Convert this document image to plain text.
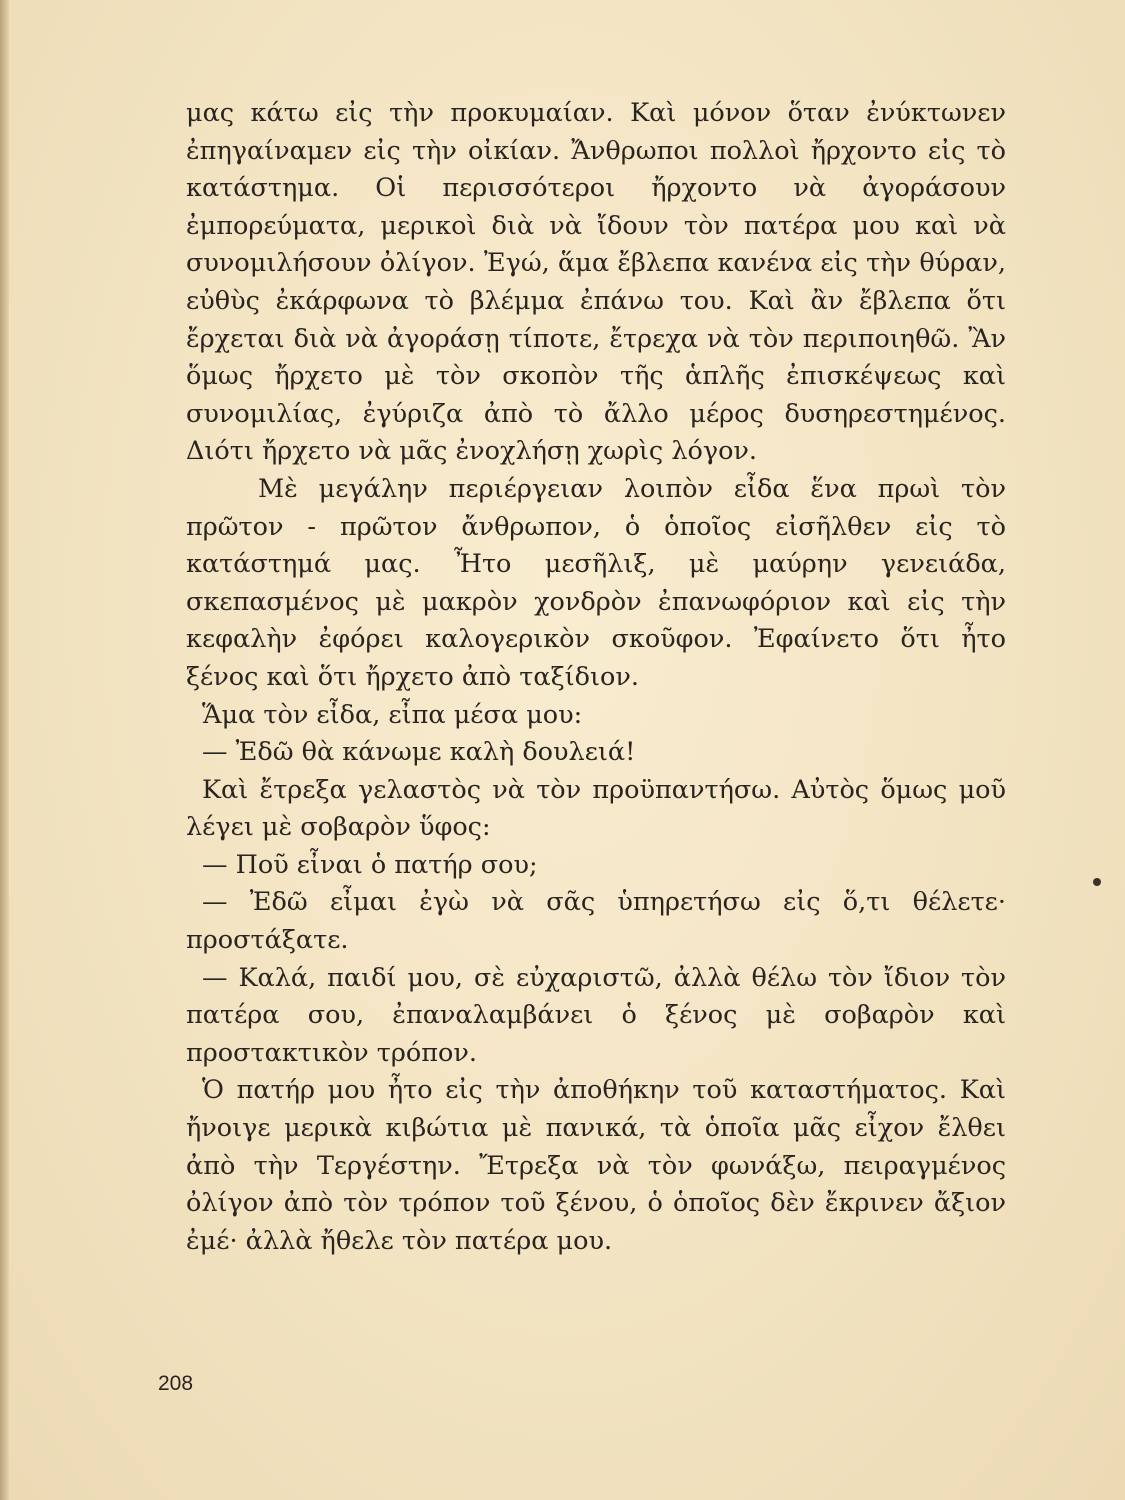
μας κάτω εἰς τὴν προκυμαίαν. Καὶ μόνον ὅταν ἐνύκτωνεν ἐπηγαίναμεν εἰς τὴν οἰκίαν. Ἄνθρωποι πολλοὶ ἤρχοντο εἰς τὸ κατάστημα. Οἱ περισσότεροι ἤρχοντο νὰ ἀγοράσουν ἐμπορεύματα, μερικοὶ διὰ νὰ ἴδουν τὸν πατέρα μου καὶ νὰ συνομιλήσουν ὀλίγον. Ἐγώ, ἅμα ἔβλεπα κανένα εἰς τὴν θύραν, εὐθὺς ἐκάρφωνα τὸ βλέμμα ἐπάνω του. Καὶ ἂν ἔβλεπα ὅτι ἔρχεται διὰ νὰ ἀγοράσῃ τίποτε, ἔτρεχα νὰ τὸν περιποιηθῶ. Ἂν ὅμως ἤρχετο μὲ τὸν σκοπὸν τῆς ἁπλῆς ἐπισκέψεως καὶ συνομιλίας, ἐγύριζα ἀπὸ τὸ ἄλλο μέρος δυσηρεστημένος. Διότι ἤρχετο νὰ μᾶς ἐνοχλήσῃ χωρὶς λόγον.

Μὲ μεγάλην περιέργειαν λοιπὸν εἶδα ἕνα πρωὶ τὸν πρῶτον - πρῶτον ἄνθρωπον, ὁ ὁποῖος εἰσῆλθεν εἰς τὸ κατάστημά μας. Ἦτο μεσῆλιξ, μὲ μαύρην γενειάδα, σκεπασμένος μὲ μακρὸν χονδρὸν ἐπανωφόριον καὶ εἰς τὴν κεφαλὴν ἐφόρει καλογερικὸν σκοῦφον. Ἐφαίνετο ὅτι ἦτο ξένος καὶ ὅτι ἤρχετο ἀπὸ ταξίδιον.

Ἅμα τὸν εἶδα, εἶπα μέσα μου:

— Ἐδῶ θὰ κάνωμε καλὴ δουλειά!

Καὶ ἔτρεξα γελαστὸς νὰ τὸν προϋπαντήσω. Αὐτὸς ὅμως μοῦ λέγει μὲ σοβαρὸν ὕφος:

— Ποῦ εἶναι ὁ πατήρ σου;

— Ἐδῶ εἶμαι ἐγὼ νὰ σᾶς ὑπηρετήσω εἰς ὅ,τι θέλετε· προστάξατε.

— Καλά, παιδί μου, σὲ εὐχαριστῶ, ἀλλὰ θέλω τὸν ἴδιον τὸν πατέρα σου, ἐπαναλαμβάνει ὁ ξένος μὲ σοβαρὸν καὶ προστακτικὸν τρόπον.

Ὁ πατήρ μου ἦτο εἰς τὴν ἀποθήκην τοῦ καταστήματος. Καὶ ἤνοιγε μερικὰ κιβώτια μὲ πανικά, τὰ ὁποῖα μᾶς εἶχον ἔλθει ἀπὸ τὴν Τεργέστην. Ἔτρεξα νὰ τὸν φωνάξω, πειραγμένος ὀλίγον ἀπὸ τὸν τρόπον τοῦ ξένου, ὁ ὁποῖος δὲν ἔκρινεν ἄξιον ἐμέ· ἀλλὰ ἤθελε τὸν πατέρα μου.

208
